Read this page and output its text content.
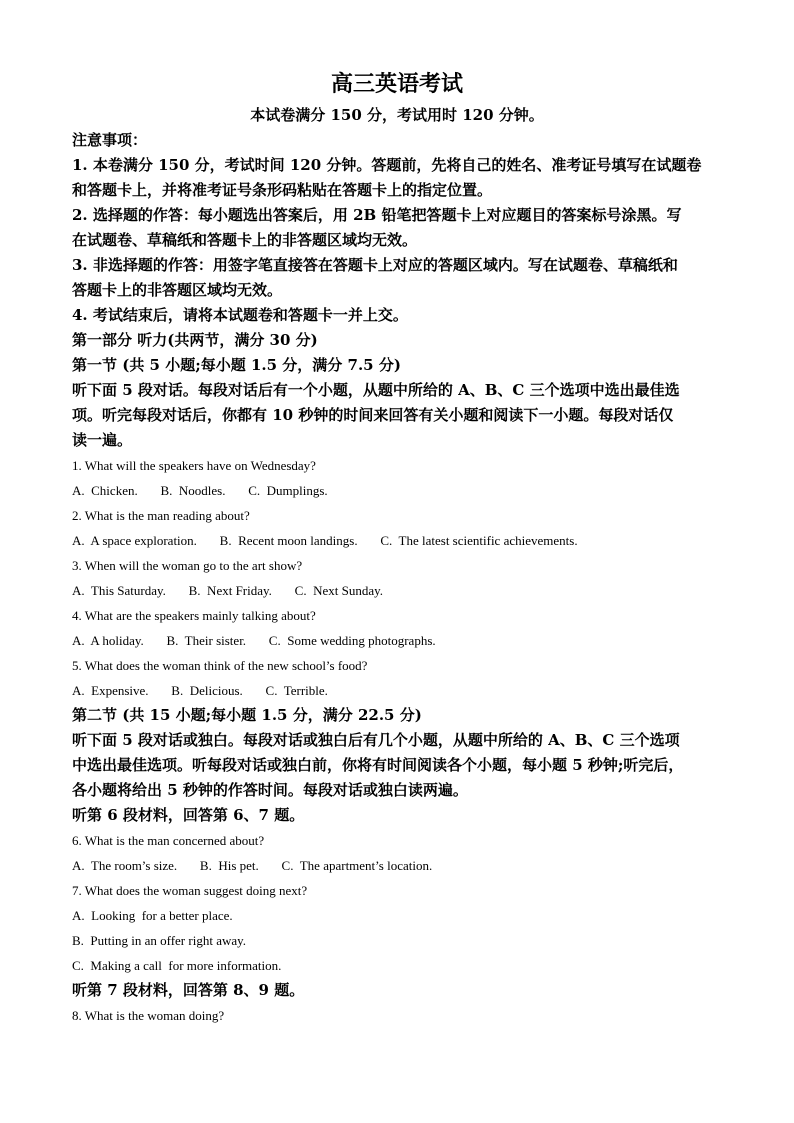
高三英语考试
本试卷满分 150 分，考试用时 120 分钟。

注意事项：

1. 本卷满分 150 分，考试时间 120 分钟。答题前，先将自己的姓名、准考证号填写在试题卷

和答题卡上，并将准考证号条形码粘贴在答题卡上的指定位置。

2. 选择题的作答：每小题选出答案后，用 2B 铅笔把答题卡上对应题目的答案标号涂黑。写

在试题卷、草稿纸和答题卡上的非答题区域均无效。

3. 非选择题的作答：用签字笔直接答在答题卡上对应的答题区域内。写在试题卷、草稿纸和

答题卡上的非答题区域均无效。

4. 考试结束后，请将本试题卷和答题卡一并上交。

第一部分 听力(共两节，满分 30 分)

第一节 (共 5 小题;每小题 1.5 分，满分 7.5 分)

听下面 5 段对话。每段对话后有一个小题，从题中所给的 A、B、C 三个选项中选出最佳选

项。听完每段对话后，你都有 10 秒钟的时间来回答有关小题和阅读下一小题。每段对话仅

读一遍。

1. What will the speakers have on Wednesday?

A.  Chicken.       B.  Noodles.       C.  Dumplings.

2. What is the man reading about?

A.  A space exploration.       B.  Recent moon landings.       C.  The latest scientific achievements.

3. When will the woman go to the art show?

A.  This Saturday.       B.  Next Friday.       C.  Next Sunday.

4. What are the speakers mainly talking about?

A.  A holiday.       B.  Their sister.       C.  Some wedding photographs.

5. What does the woman think of the new school’s food?

A.  Expensive.       B.  Delicious.       C.  Terrible.

第二节 (共 15 小题;每小题 1.5 分，满分 22.5 分)

听下面 5 段对话或独白。每段对话或独白后有几个小题，从题中所给的 A、B、C 三个选项

中选出最佳选项。听每段对话或独白前，你将有时间阅读各个小题，每小题 5 秒钟;听完后，

各小题将给出 5 秒钟的作答时间。每段对话或独白读两遍。

听第 6 段材料，回答第 6、7 题。

6. What is the man concerned about?

A.  The room’s size.       B.  His pet.       C.  The apartment’s location.

7. What does the woman suggest doing next?

A.  Looking  for a better place.

B.  Putting in an offer right away.

C.  Making a call  for more information.

听第 7 段材料，回答第 8、9 题。

8. What is the woman doing?
